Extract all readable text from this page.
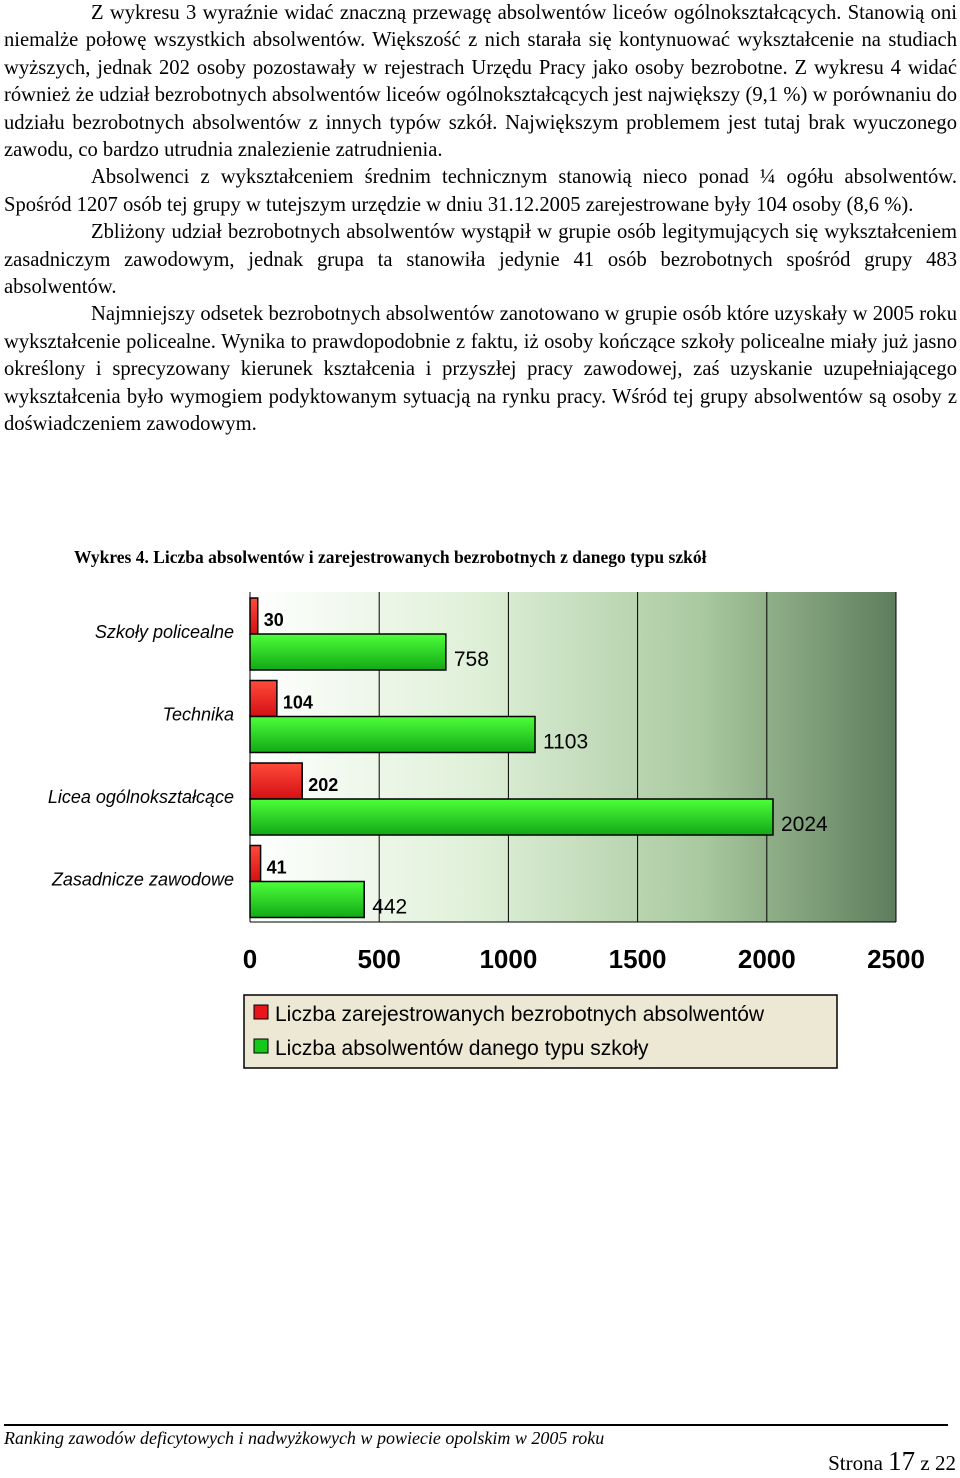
Z wykresu 3 wyraźnie widać znaczną przewagę absolwentów liceów ogólnokształcących. Stanowią oni niemalże połowę wszystkich absolwentów. Większość z nich starała się kontynuować wykształcenie na studiach wyższych, jednak 202 osoby pozostawały w rejestrach Urzędu Pracy jako osoby bezrobotne. Z wykresu 4 widać również że udział bezrobotnych absolwentów liceów ogólnokształcących jest największy (9,1 %) w porównaniu do udziału bezrobotnych absolwentów z innych typów szkół. Największym problemem jest tutaj brak wyuczonego zawodu, co bardzo utrudnia znalezienie zatrudnienia.

Absolwenci z wykształceniem średnim technicznym stanowią nieco ponad ¼ ogółu absolwentów. Spośród 1207 osób tej grupy w tutejszym urzędzie w dniu 31.12.2005 zarejestrowane były 104 osoby (8,6 %).

Zbliżony udział bezrobotnych absolwentów wystąpił w grupie osób legitymujących się wykształceniem zasadniczym zawodowym, jednak grupa ta stanowiła jedynie 41 osób bezrobotnych spośród grupy 483 absolwentów.

Najmniejszy odsetek bezrobotnych absolwentów zanotowano w grupie osób które uzyskały w 2005 roku wykształcenie policealne. Wynika to prawdopodobnie z faktu, iż osoby kończące szkoły policealne miały już jasno określony i sprecyzowany kierunek kształcenia i przyszłej pracy zawodowej, zaś uzyskanie uzupełniającego wykształcenia było wymogiem podyktowanym sytuacją na rynku pracy. Wśród tej grupy absolwentów są osoby z doświadczeniem zawodowym.

Wykres 4. Liczba absolwentów i zarejestrowanych bezrobotnych z danego typu szkół
Szkoły policealne
30
758
Technika
104
1103
Licea ogólnokształcące
202
2024
Zasadnicze zawodowe
41
442
0	500	1000	1500	2000	2500
Liczba zarejestrowanych bezrobotnych absolwentów
Liczba absolwentów danego typu szkoły
Ranking zawodów deficytowych i nadwyżkowych w powiecie opolskim w 2005 roku
Strona 17 z 22
